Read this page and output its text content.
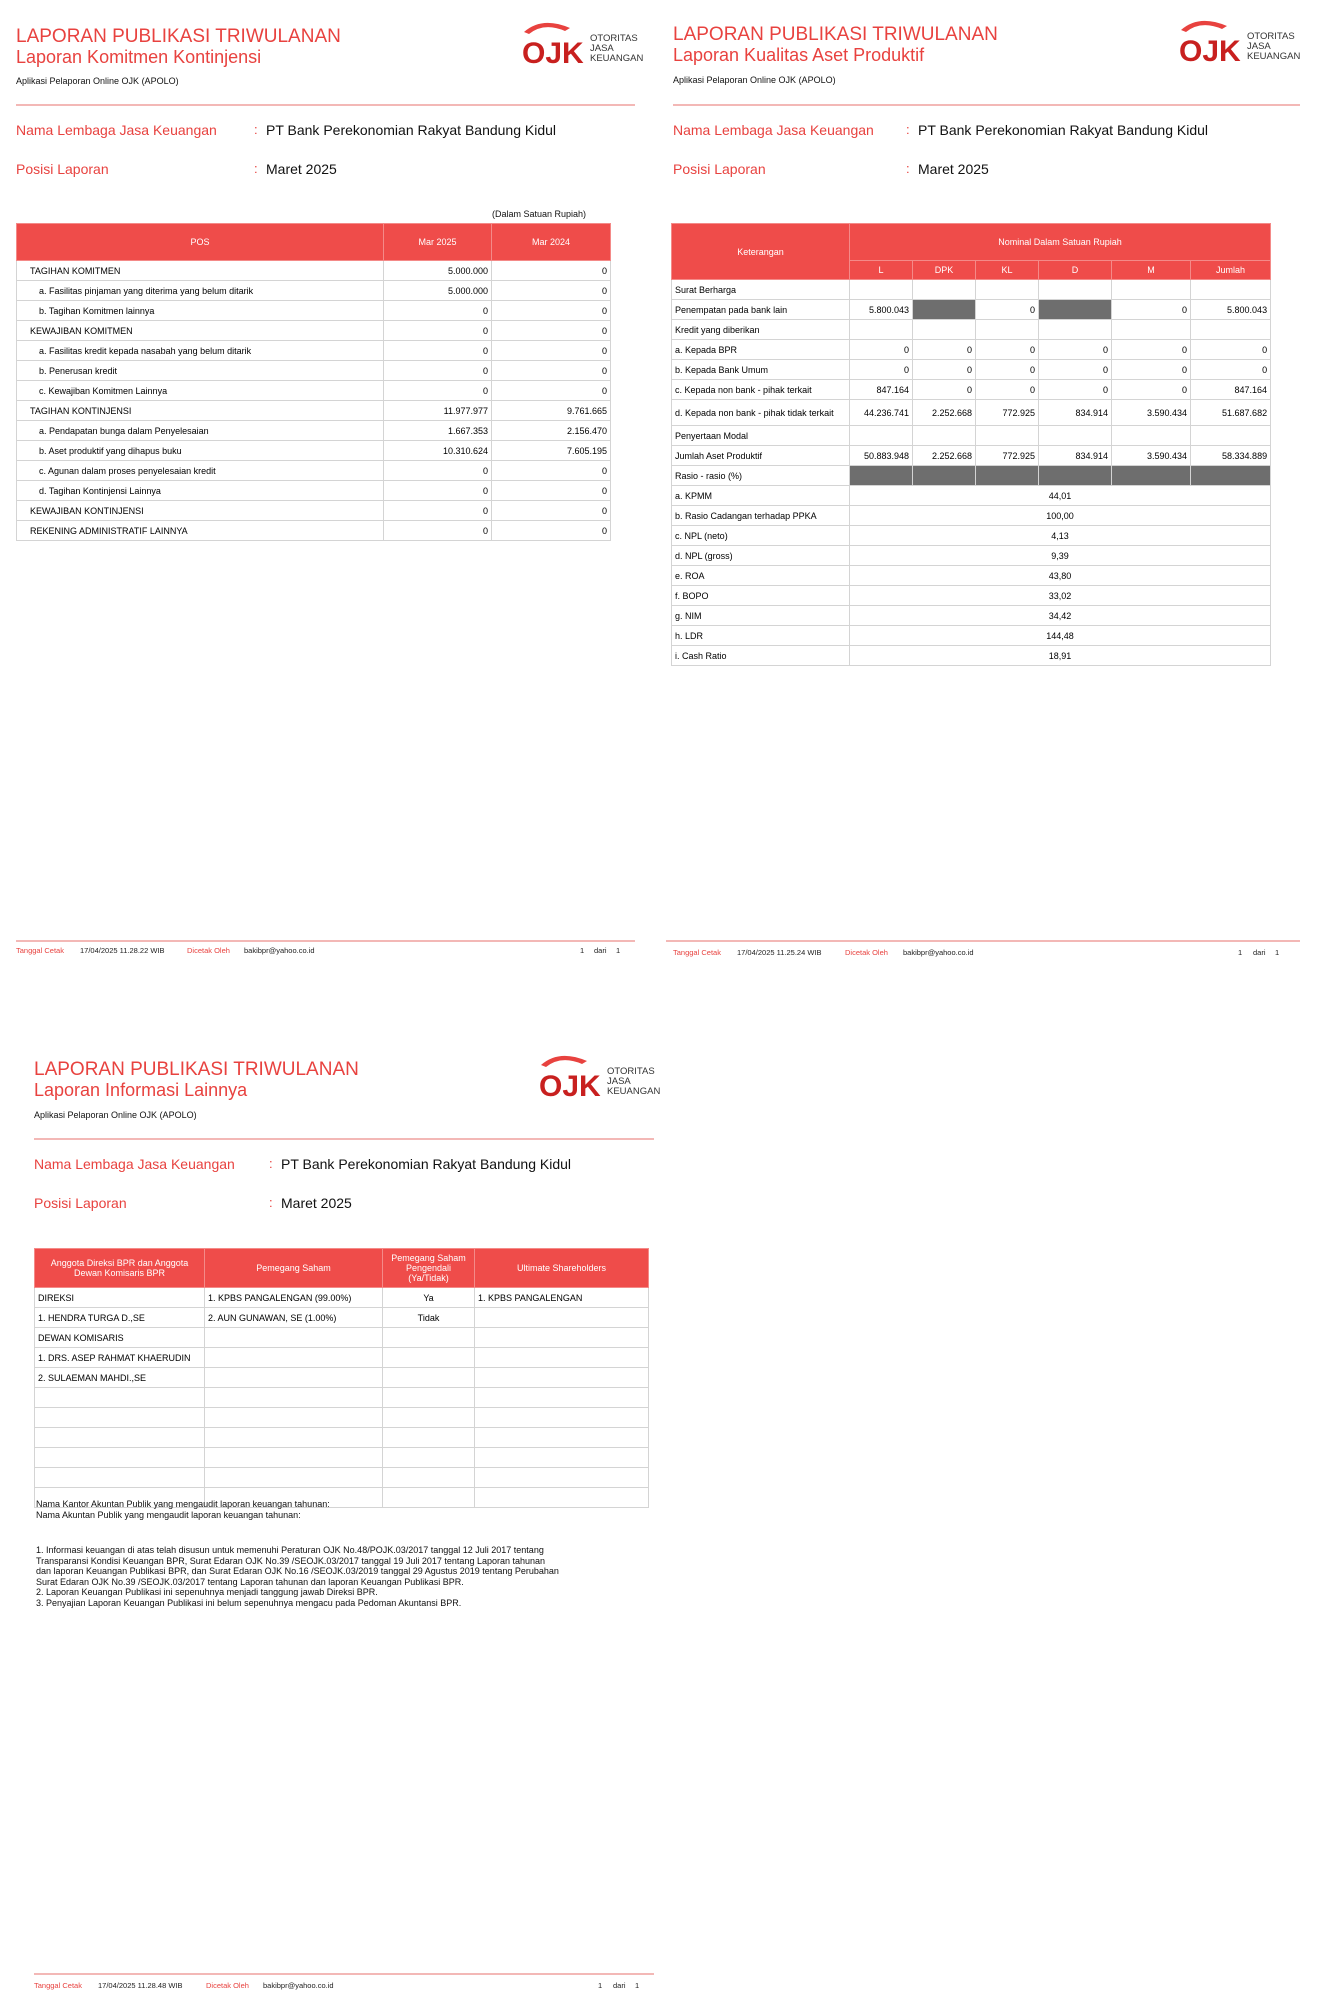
LAPORAN PUBLIKASI TRIWULANAN
Laporan Komitmen Kontinjensi
Aplikasi Pelaporan Online OJK (APOLO)
OJK OTORITAS
JASA
KEUANGAN
Nama Lembaga Jasa Keuangan	: PT Bank Perekonomian Rakyat Bandung Kidul
Posisi Laporan	: Maret 2025
(Dalam Satuan Rupiah)
POS	Mar 2025	Mar 2024
TAGIHAN KOMITMEN	5.000.000	0
a. Fasilitas pinjaman yang diterima yang belum ditarik	5.000.000	0
b. Tagihan Komitmen lainnya	0	0
KEWAJIBAN KOMITMEN	0	0
a. Fasilitas kredit kepada nasabah yang belum ditarik	0	0
b. Penerusan kredit	0	0
c. Kewajiban Komitmen Lainnya	0	0
TAGIHAN KONTINJENSI	11.977.977	9.761.665
a. Pendapatan bunga dalam Penyelesaian	1.667.353	2.156.470
b. Aset produktif yang dihapus buku	10.310.624	7.605.195
c. Agunan dalam proses penyelesaian kredit	0	0
d. Tagihan Kontinjensi Lainnya	0	0
KEWAJIBAN KONTINJENSI	0	0
REKENING ADMINISTRATIF LAINNYA	0	0
Tanggal Cetak 17/04/2025 11.28.22 WIB	Dicetak Oleh bakibpr@yahoo.co.id	1 dari 1
LAPORAN PUBLIKASI TRIWULANAN
Laporan Kualitas Aset Produktif
Aplikasi Pelaporan Online OJK (APOLO)
OJK OTORITAS
JASA
KEUANGAN
Nama Lembaga Jasa Keuangan : PT Bank Perekonomian Rakyat Bandung Kidul
Posisi Laporan	: Maret 2025
Keterangan	Nominal Dalam Satuan Rupiah					
	L	DPK	KL	D	M	Jumlah
Surat Berharga						
Penempatan pada bank lain	5.800.043		0		0	5.800.043
Kredit yang diberikan						
a. Kepada BPR	0	0	0	0	0	0
b. Kepada Bank Umum	0	0	0	0	0	0
c. Kepada non bank - pihak terkait	847.164	0	0	0	0	847.164
d. Kepada non bank - pihak tidak terkait	44.236.741	2.252.668	772.925	834.914	3.590.434	51.687.682
Penyertaan Modal						
Jumlah Aset Produktif	50.883.948	2.252.668	772.925	834.914	3.590.434	58.334.889
Rasio - rasio (%)						
a. KPMM	44,01					
b. Rasio Cadangan terhadap PPKA	100,00					
c. NPL (neto)	4,13					
d. NPL (gross)	9,39					
e. ROA	43,80					
f. BOPO	33,02					
g. NIM	34,42					
h. LDR	144,48					
i. Cash Ratio	18,91					
Tanggal Cetak 17/04/2025 11.25.24 WIB	Dicetak Oleh bakibpr@yahoo.co.id	1 dari 1
LAPORAN PUBLIKASI TRIWULANAN
Laporan Informasi Lainnya
Aplikasi Pelaporan Online OJK (APOLO)
OJK OTORITAS
JASA
KEUANGAN
Nama Lembaga Jasa Keuangan	: PT Bank Perekonomian Rakyat Bandung Kidul
Posisi Laporan	: Maret 2025
Anggota Direksi BPR dan Anggota Dewan Komisaris BPR	Pemegang Saham	Pemegang Saham Pengendali (Ya/Tidak)	Ultimate Shareholders
DIREKSI	1. KPBS PANGALENGAN (99.00%)	Ya	1. KPBS PANGALENGAN
1. HENDRA TURGA D.,SE	2. AUN GUNAWAN, SE (1.00%)	Tidak	
DEWAN KOMISARIS			
1. DRS. ASEP RAHMAT KHAERUDIN			
2. SULAEMAN MAHDI.,SE			

Nama Kantor Akuntan Publik yang mengaudit laporan keuangan tahunan:
Nama Akuntan Publik yang mengaudit laporan keuangan tahunan:
1. Informasi keuangan di atas telah disusun untuk memenuhi Peraturan OJK No.48/POJK.03/2017 tanggal 12 Juli 2017 tentang
Transparansi Kondisi Keuangan BPR, Surat Edaran OJK No.39 /SEOJK.03/2017 tanggal 19 Juli 2017 tentang Laporan tahunan
dan laporan Keuangan Publikasi BPR, dan Surat Edaran OJK No.16 /SEOJK.03/2019 tanggal 29 Agustus 2019 tentang Perubahan
Surat Edaran OJK No.39 /SEOJK.03/2017 tentang Laporan tahunan dan laporan Keuangan Publikasi BPR.
2. Laporan Keuangan Publikasi ini sepenuhnya menjadi tanggung jawab Direksi BPR.
3. Penyajian Laporan Keuangan Publikasi ini belum sepenuhnya mengacu pada Pedoman Akuntansi BPR.
Tanggal Cetak 17/04/2025 11.28.48 WIB	Dicetak Oleh bakibpr@yahoo.co.id	1 dari 1
